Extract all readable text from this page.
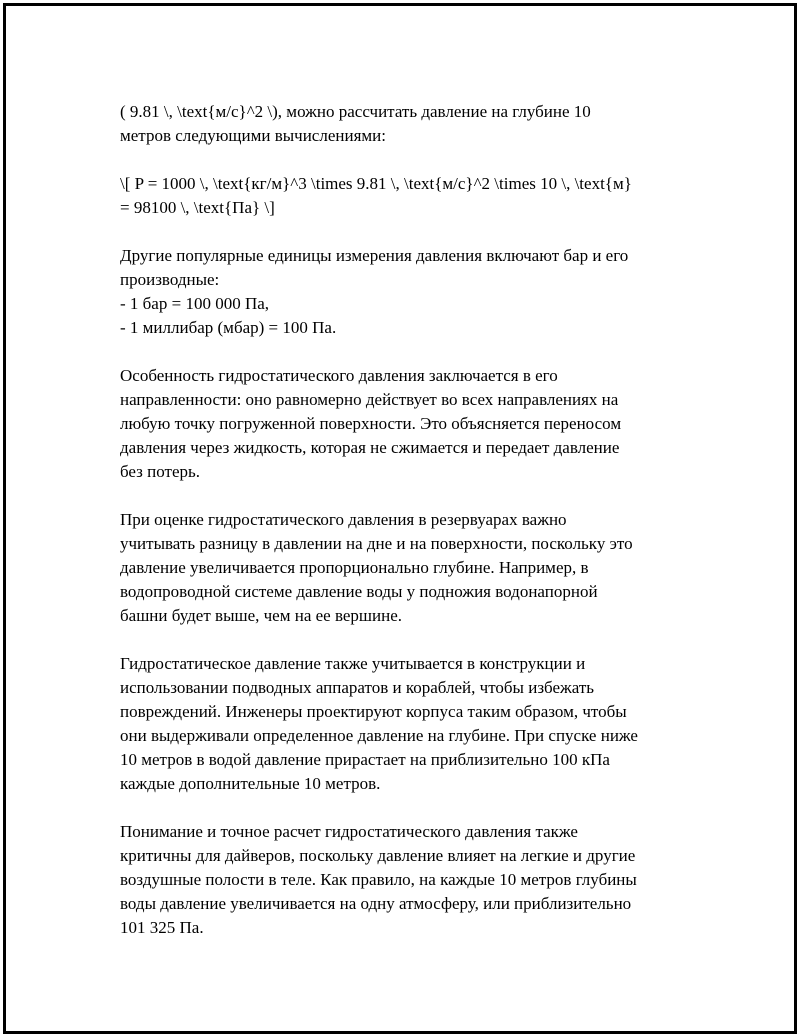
( 9.81 \, \text{м/с}^2 \), можно рассчитать давление на глубине 10
метров следующими вычислениями:

\[ P = 1000 \, \text{кг/м}^3 \times 9.81 \, \text{м/с}^2 \times 10 \, \text{м}
= 98100 \, \text{Па} \]

Другие популярные единицы измерения давления включают бар и его
производные:
- 1 бар = 100 000 Па,
- 1 миллибар (мбар) = 100 Па.

Особенность гидростатического давления заключается в его
направленности: оно равномерно действует во всех направлениях на
любую точку погруженной поверхности. Это объясняется переносом
давления через жидкость, которая не сжимается и передает давление
без потерь.

При оценке гидростатического давления в резервуарах важно
учитывать разницу в давлении на дне и на поверхности, поскольку это
давление увеличивается пропорционально глубине. Например, в
водопроводной системе давление воды у подножия водонапорной
башни будет выше, чем на ее вершине.

Гидростатическое давление также учитывается в конструкции и
использовании подводных аппаратов и кораблей, чтобы избежать
повреждений. Инженеры проектируют корпуса таким образом, чтобы
они выдерживали определенное давление на глубине. При спуске ниже
10 метров в водой давление прирастает на приблизительно 100 кПа
каждые дополнительные 10 метров.

Понимание и точное расчет гидростатического давления также
критичны для дайверов, поскольку давление влияет на легкие и другие
воздушные полости в теле. Как правило, на каждые 10 метров глубины
воды давление увеличивается на одну атмосферу, или приблизительно
101 325 Па.
